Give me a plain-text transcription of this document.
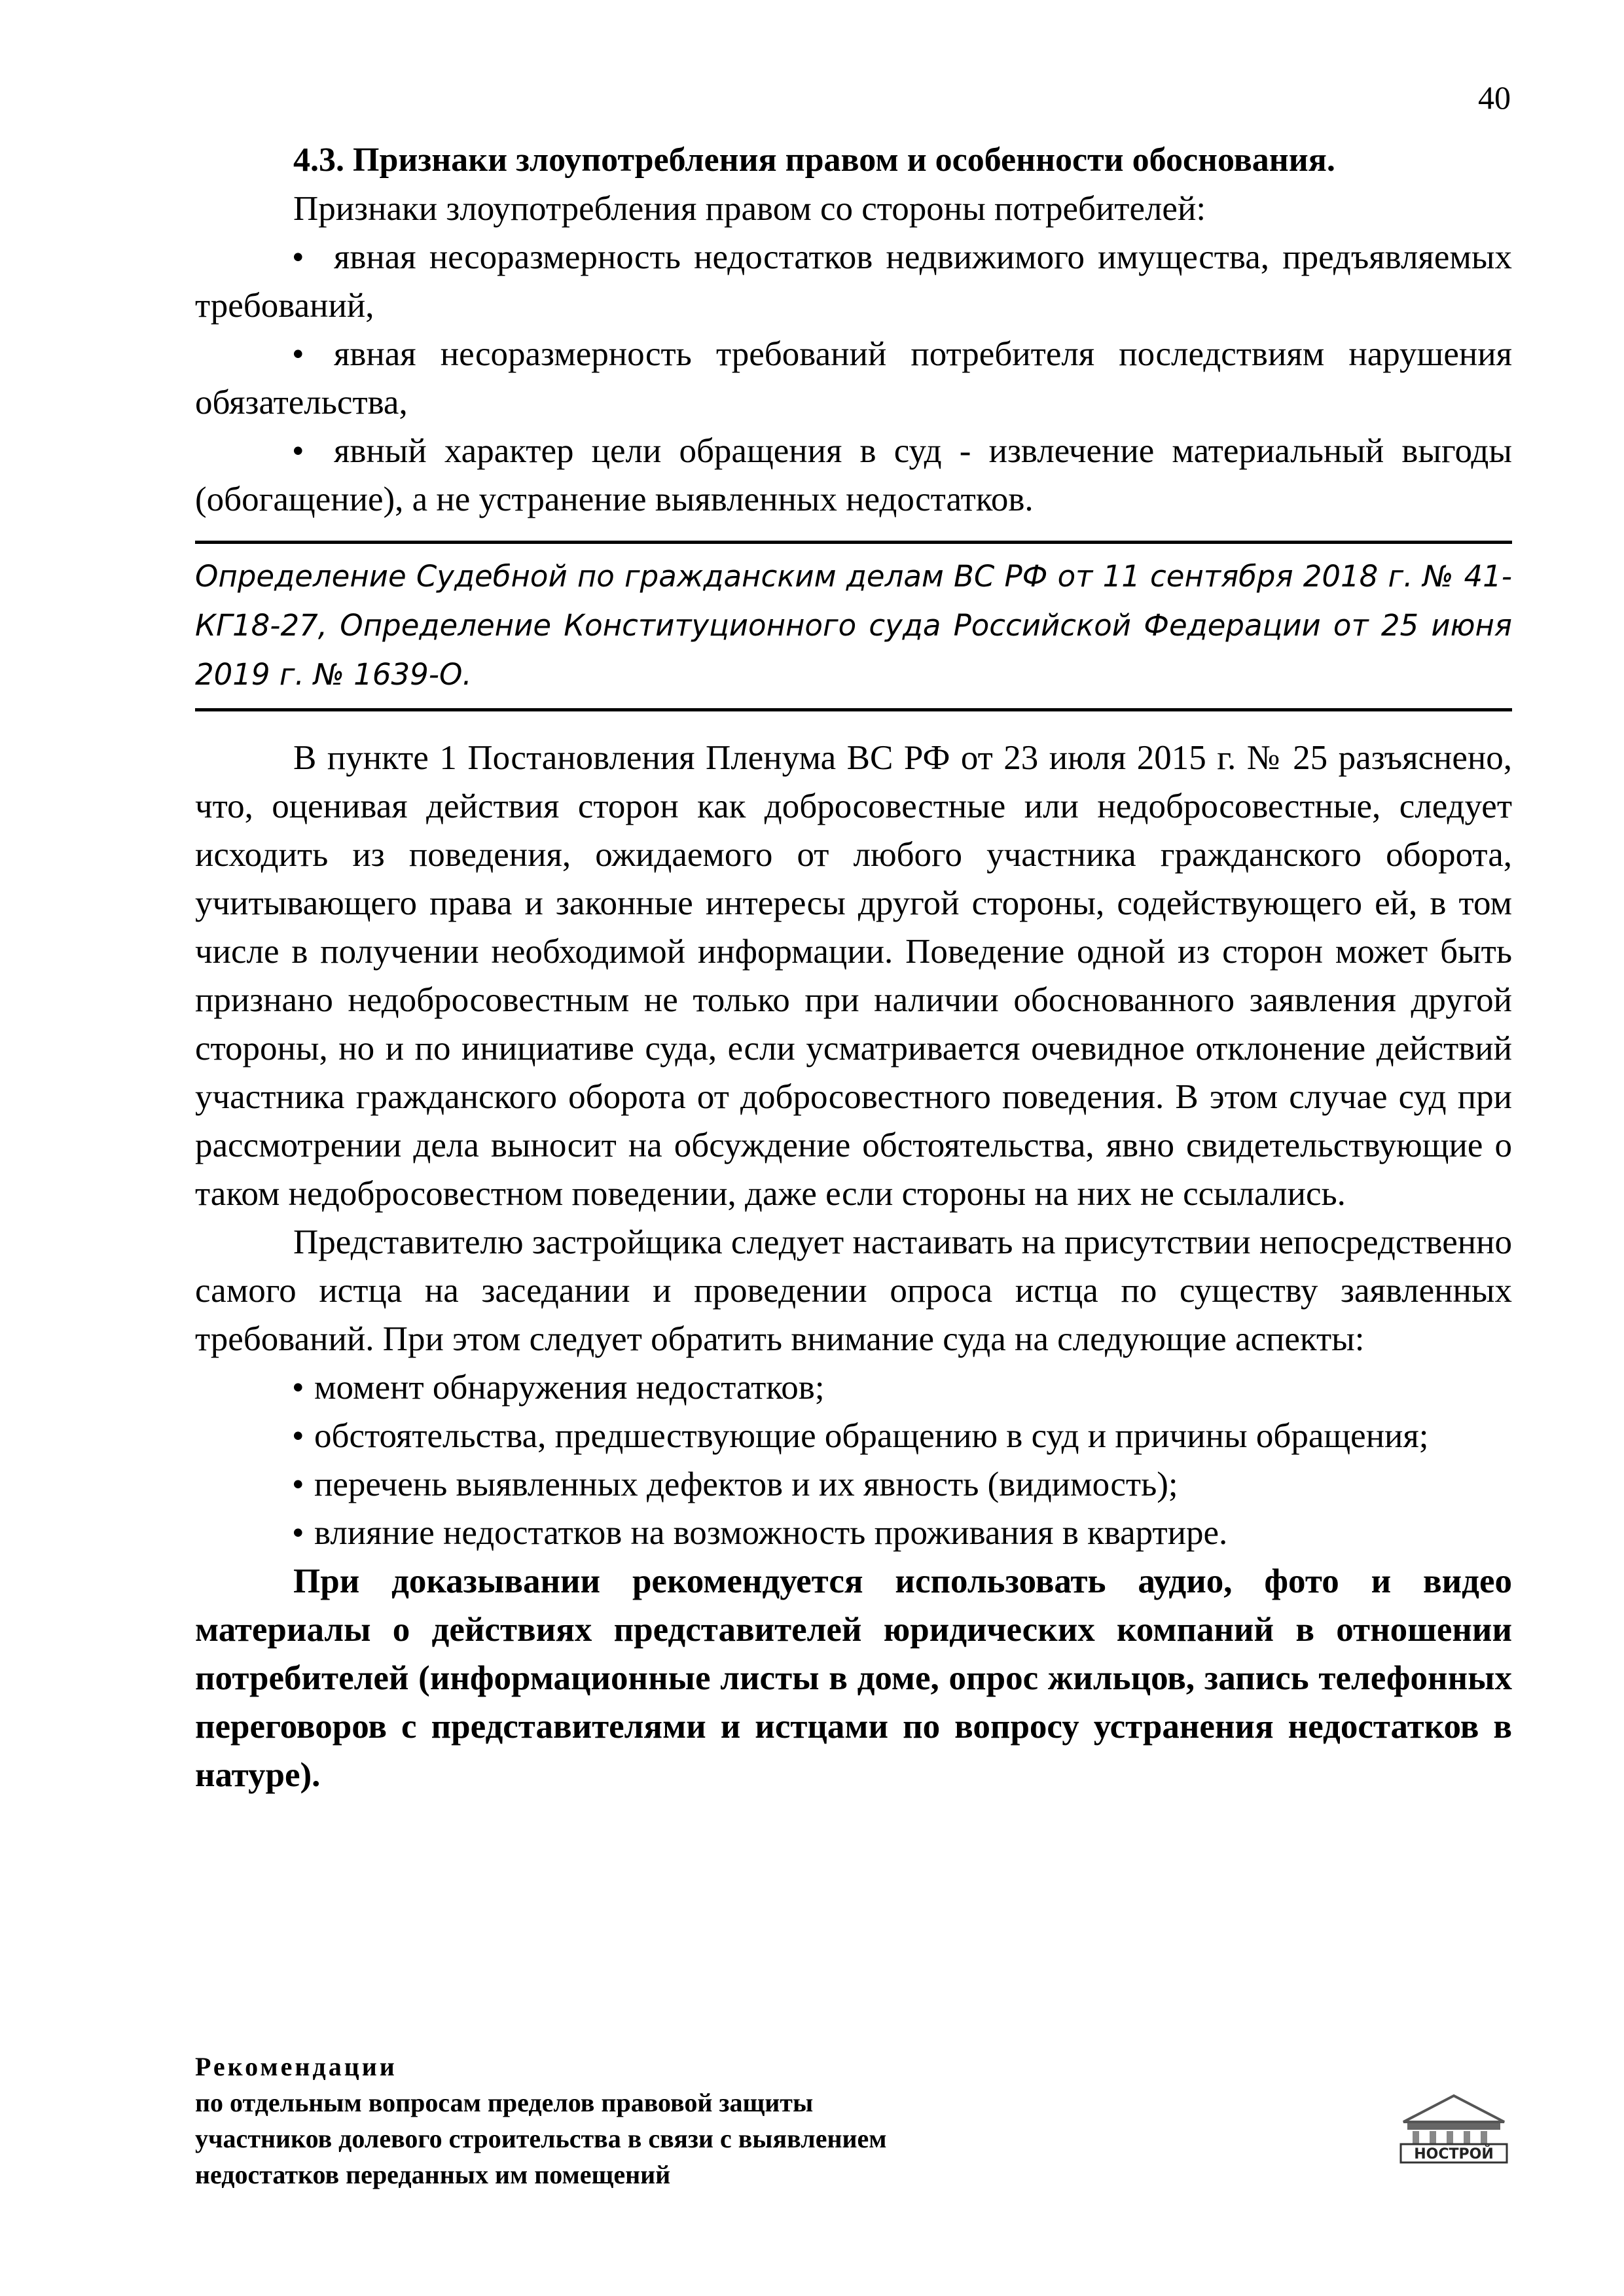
40
4.3. Признаки злоупотребления правом и особенности обоснования.

Признаки злоупотребления правом со стороны потребителей:

явная несоразмерность недостатков недвижимого имущества, предъявляемых требований,

явная несоразмерность требований потребителя последствиям нарушения обязательства,

явный характер цели обращения в суд - извлечение материальный выгоды (обогащение), а не устранение выявленных недостатков.

Определение Судебной по гражданским делам ВС РФ от 11 сентября 2018 г. № 41-КГ18-27, Определение Конституционного суда Российской Федерации от 25 июня 2019 г. № 1639-О.

В пункте 1 Постановления Пленума ВС РФ от 23 июля 2015 г. № 25 разъяснено, что, оценивая действия сторон как добросовестные или недобросовестные, следует исходить из поведения, ожидаемого от любого участника гражданского оборота, учитывающего права и законные интересы другой стороны, содействующего ей, в том числе в получении необходимой информации. Поведение одной из сторон может быть признано недобросовестным не только при наличии обоснованного заявления другой стороны, но и по инициативе суда, если усматривается очевидное отклонение действий участника гражданского оборота от добросовестного поведения. В этом случае суд при рассмотрении дела выносит на обсуждение обстоятельства, явно свидетельствующие о таком недобросовестном поведении, даже если стороны на них не ссылались.

Представителю застройщика следует настаивать на присутствии непосредственно самого истца на заседании и проведении опроса истца по существу заявленных требований. При этом следует обратить внимание суда на следующие аспекты:

момент обнаружения недостатков;

обстоятельства, предшествующие обращению в суд и причины обращения;

перечень выявленных дефектов и их явность (видимость);

влияние недостатков на возможность проживания в квартире.

При доказывании рекомендуется использовать аудио, фото и видео материалы о действиях представителей юридических компаний в отношении потребителей (информационные листы в доме, опрос жильцов, запись телефонных переговоров с представителями и истцами по вопросу устранения недостатков в натуре).

Рекомендации
по отдельным вопросам пределов правовой защиты
участников долевого строительства в связи с выявлением
недостатков переданных им помещений
НОСТРОЙ
